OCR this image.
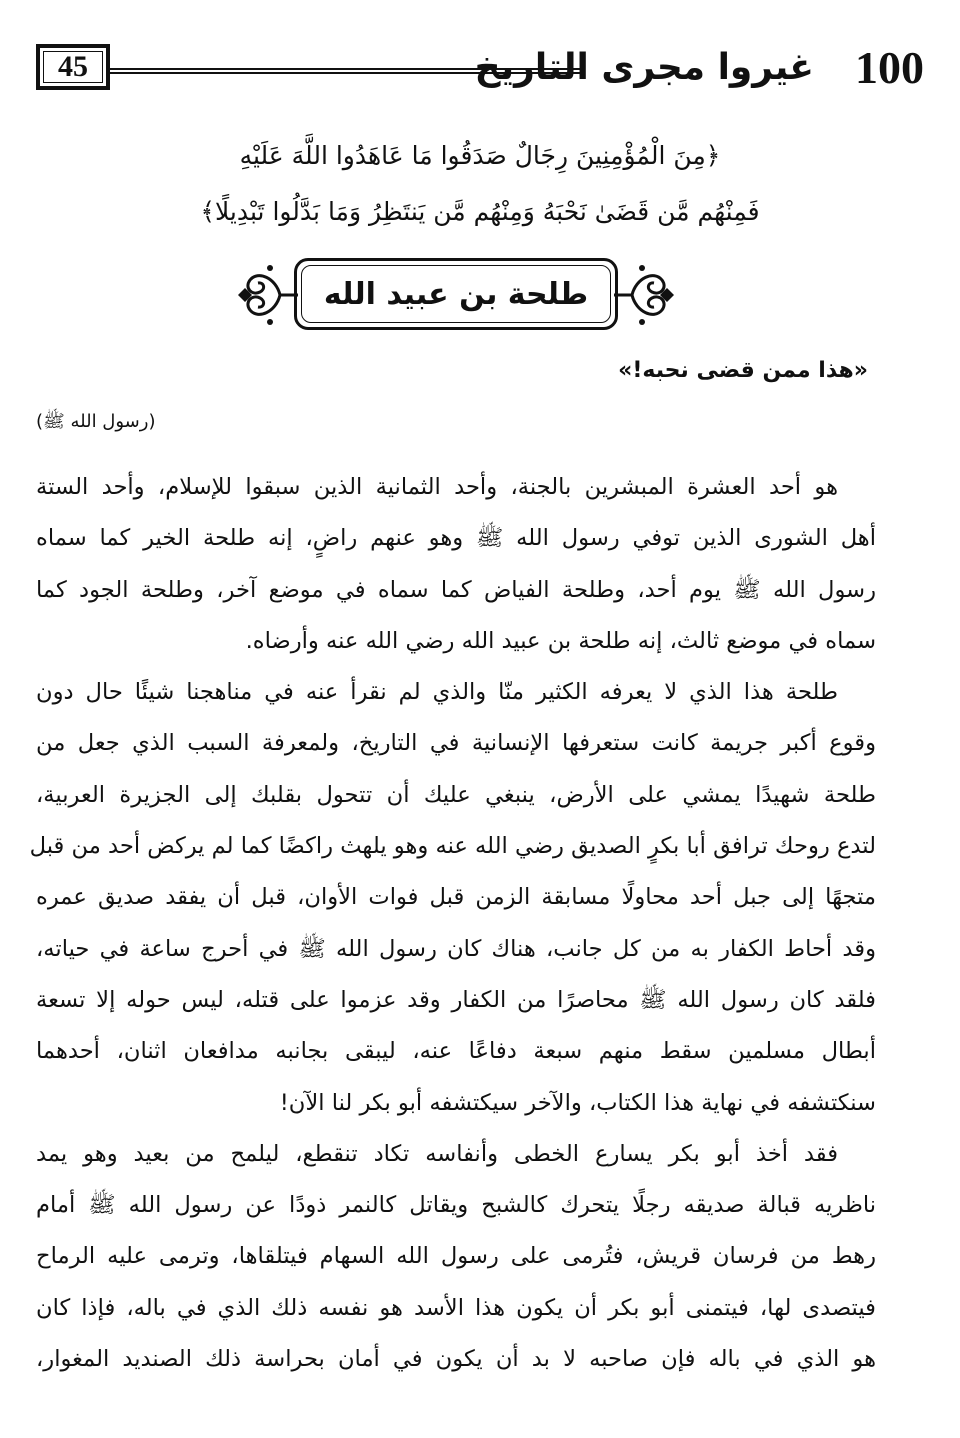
45	غيروا مجرى التاريخ 100
﴿مِنَ الْمُؤْمِنِينَ رِجَالٌ صَدَقُوا مَا عَاهَدُوا اللَّهَ عَلَيْهِ
فَمِنْهُم مَّن قَضَىٰ نَحْبَهُ وَمِنْهُم مَّن يَنتَظِرُ وَمَا بَدَّلُوا تَبْدِيلًا﴾
طلحة بن عبيد الله
«هذا ممن قضى نحبه!»
(رسول الله ﷺ)
هو أحد العشرة المبشرين بالجنة، وأحد الثمانية الذين سبقوا للإسلام، وأحد الستة
أهل الشورى الذين توفي رسول الله ﷺ وهو عنهم راضٍ، إنه طلحة الخير كما سماه
رسول الله ﷺ يوم أحد، وطلحة الفياض كما سماه في موضع آخر، وطلحة الجود كما
سماه في موضع ثالث، إنه طلحة بن عبيد الله رضي الله عنه وأرضاه.
طلحة هذا الذي لا يعرفه الكثير منّا والذي لم نقرأ عنه في مناهجنا شيئًا حال دون
وقوع أكبر جريمة كانت ستعرفها الإنسانية في التاريخ، ولمعرفة السبب الذي جعل من
طلحة شهيدًا يمشي على الأرض، ينبغي عليك أن تتحول بقلبك إلى الجزيرة العربية،
لتدع روحك ترافق أبا بكرٍ الصديق رضي الله عنه وهو يلهث راكضًا كما لم يركض أحد من قبل
متجهًا إلى جبل أحد محاولًا مسابقة الزمن قبل فوات الأوان، قبل أن يفقد صديق عمره
وقد أحاط الكفار به من كل جانب، هناك كان رسول الله ﷺ في أحرج ساعة في حياته،
فلقد كان رسول الله ﷺ محاصرًا من الكفار وقد عزموا على قتله، ليس حوله إلا تسعة
أبطال مسلمين سقط منهم سبعة دفاعًا عنه، ليبقى بجانبه مدافعان اثنان، أحدهما
سنكتشفه في نهاية هذا الكتاب، والآخر سيكتشفه أبو بكر لنا الآن!
فقد أخذ أبو بكر يسارع الخطى وأنفاسه تكاد تنقطع، ليلمح من بعيد وهو يمد
ناظريه قبالة صديقه رجلًا يتحرك كالشبح ويقاتل كالنمر ذودًا عن رسول الله ﷺ أمام
رهط من فرسان قريش، فتُرمى على رسول الله السهام فيتلقاها، وترمى عليه الرماح
فيتصدى لها، فيتمنى أبو بكر أن يكون هذا الأسد هو نفسه ذلك الذي في باله، فإذا كان
هو الذي في باله فإن صاحبه لا بد أن يكون في أمان بحراسة ذلك الصنديد المغوار،
